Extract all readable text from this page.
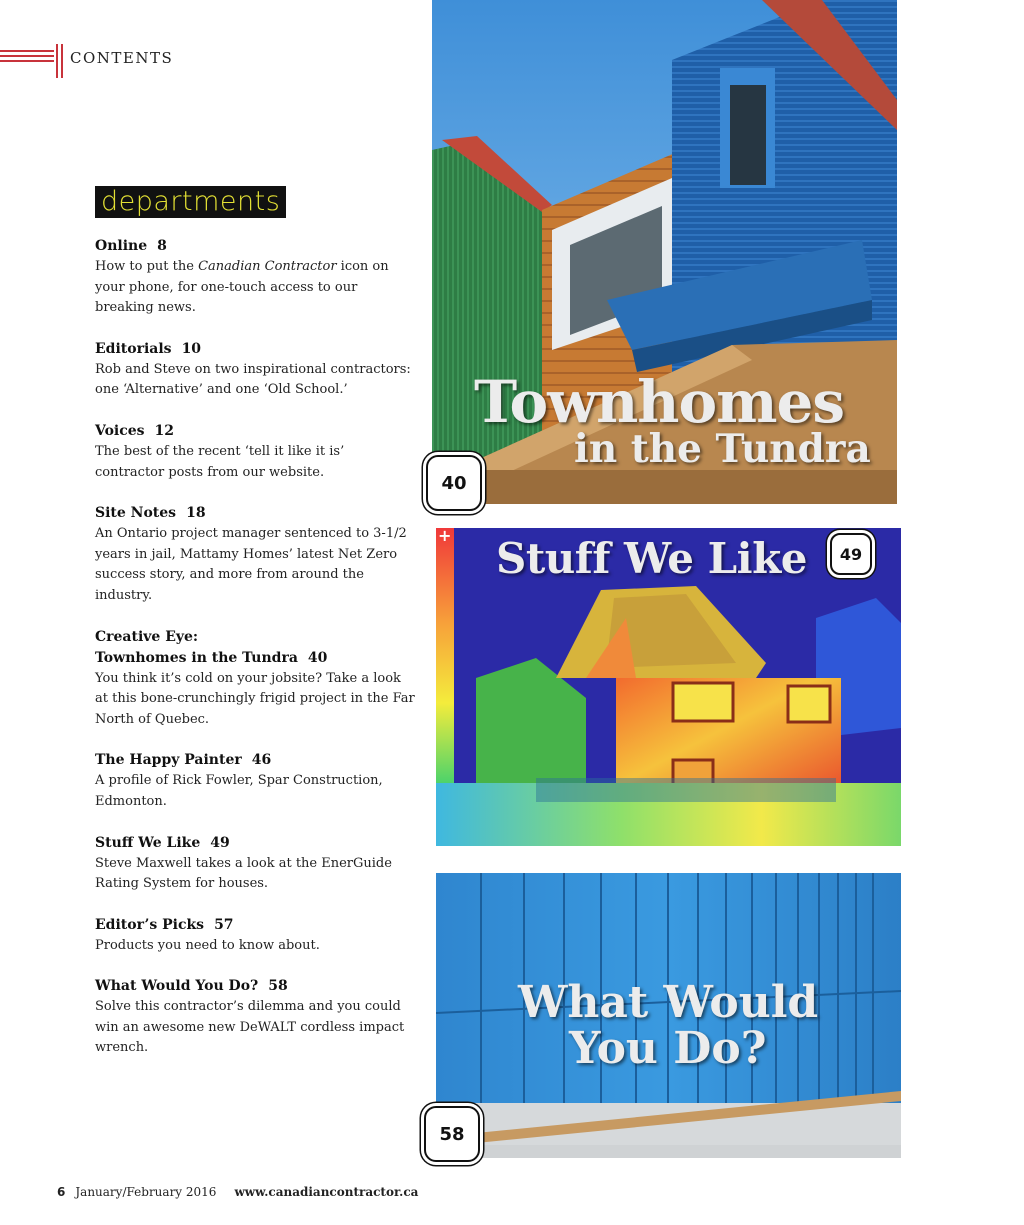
CONTENTS
departments
Online 8
How to put the Canadian Contractor icon on your phone, for one-touch access to our breaking news.
Editorials 10
Rob and Steve on two inspirational contractors: one ‘Alternative’ and one ‘Old School.’
Voices 12
The best of the recent ‘tell it like it is’ contractor posts from our website.
Site Notes 18
An Ontario project manager sentenced to 3-1/2 years in jail, Mattamy Homes’ latest Net Zero success story, and more from around the industry.
Creative Eye:
Townhomes in the Tundra 40
You think it’s cold on your jobsite? Take a look at this bone-crunchingly frigid project in the Far North of Quebec.
The Happy Painter 46
A profile of Rick Fowler, Spar Construction, Edmonton.
Stuff We Like 49
Steve Maxwell takes a look at the EnerGuide Rating System for houses.
Editor’s Picks 57
Products you need to know about.
What Would You Do? 58
Solve this contractor’s dilemma and you could win an awesome new DeWALT cordless impact wrench.
Townhomes
in the Tundra
40
+ Stuff We Like	49
What Would
You Do?
58
6 January/February 2016 www.canadiancontractor.ca
